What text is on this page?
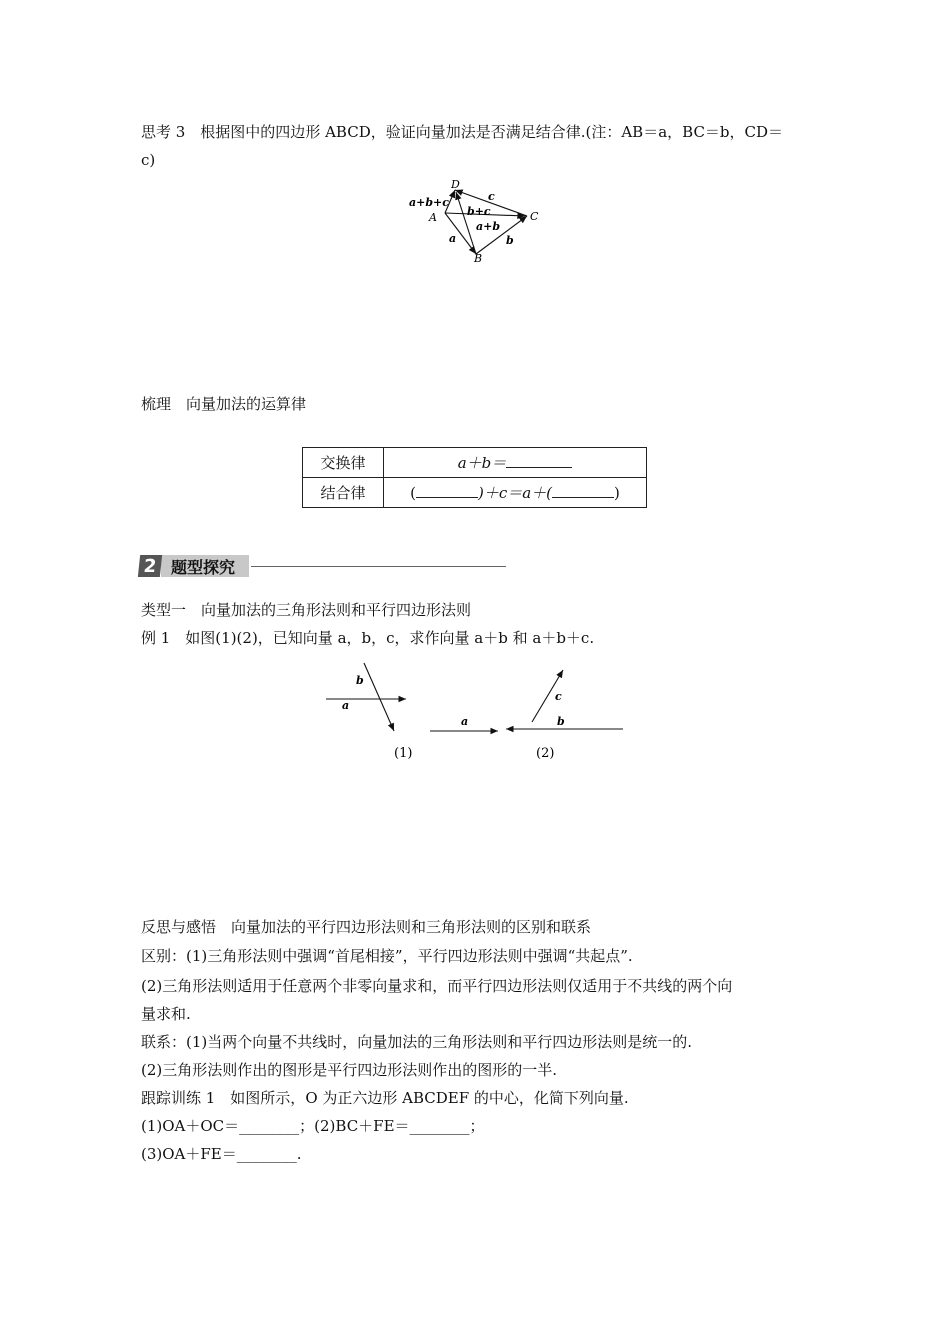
思考 3　根据图中的四边形 ABCD，验证向量加法是否满足结合律.(注：AB＝a，BC＝b，CD＝
c)
D
A
B
C
a+b+c	c
b+c
a+b
a	b
梳理　向量加法的运算律
交换律	a＋b＝
结合律	( )＋c＝a＋( )
2 题型探究
类型一　向量加法的三角形法则和平行四边形法则
例 1　如图(1)(2)，已知向量 a，b，c，求作向量 a＋b 和 a＋b＋c.
b
a
(1)
a
c
b
(2)
反思与感悟　向量加法的平行四边形法则和三角形法则的区别和联系
区别：(1)三角形法则中强调“首尾相接”，平行四边形法则中强调“共起点”.
(2)三角形法则适用于任意两个非零向量求和，而平行四边形法则仅适用于不共线的两个向
量求和.
联系：(1)当两个向量不共线时，向量加法的三角形法则和平行四边形法则是统一的.
(2)三角形法则作出的图形是平行四边形法则作出的图形的一半.
跟踪训练 1　如图所示，O 为正六边形 ABCDEF 的中心，化简下列向量.
(1)OA＋OC＝________；(2)BC＋FE＝________；
(3)OA＋FE＝________.
